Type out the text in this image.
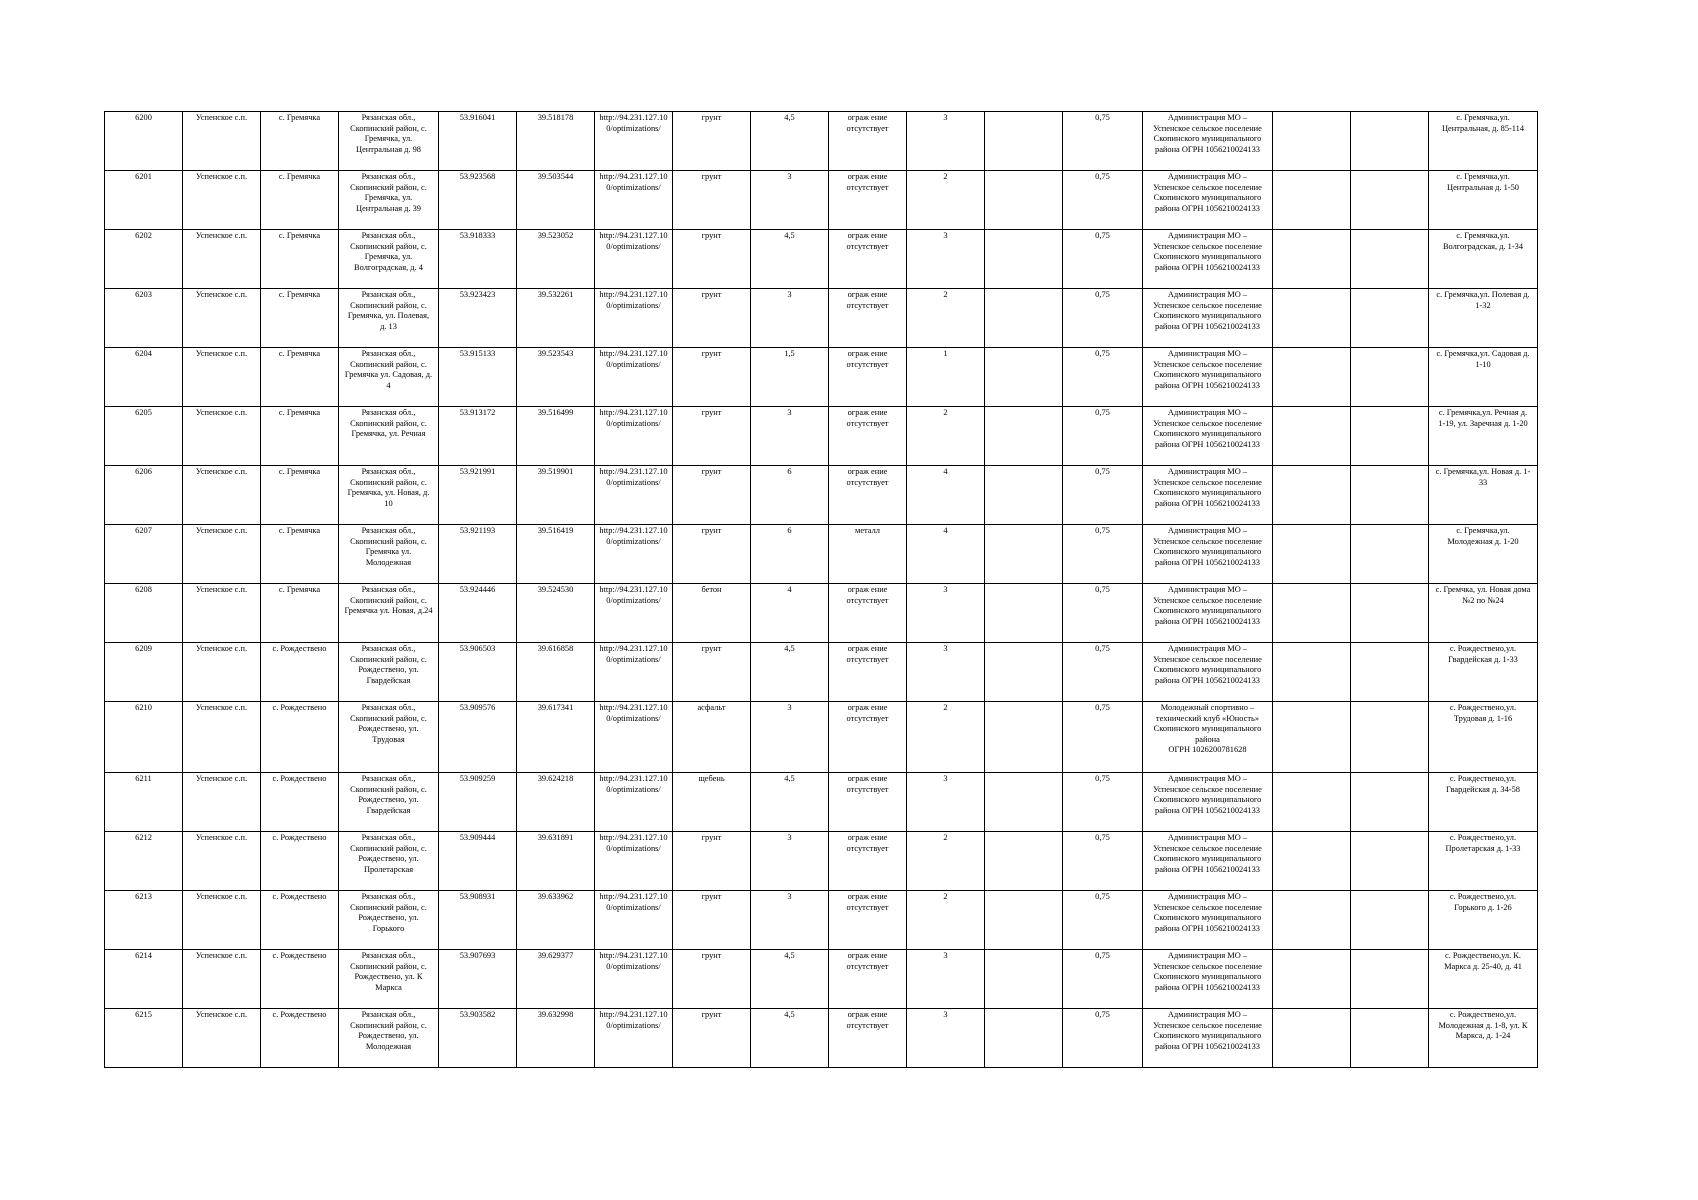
6200	Успенское с.п.	с. Гремячка	Рязанская обл.,
Скопинский район, с.
Гремячка, ул.
Центральная д. 98	53.916041	39.518178	http://94.231.127.10
0/optimizations/	грунт	4,5	ограж ение
отсутствует	3		0,75	Администрация МО –
Успенское сельское поселение
Скопинского муниципального
района ОГРН 1056210024133			с. Гремячка,ул.
Центральная, д. 85-114
6201	Успенское с.п.	с. Гремячка	Рязанская обл.,
Скопинский район, с.
Гремячка, ул.
Центральная д. 39	53.923568	39.503544	http://94.231.127.10
0/optimizations/	грунт	3	ограж ение
отсутствует	2		0,75	Администрация МО –
Успенское сельское поселение
Скопинского муниципального
района ОГРН 1056210024133			с. Гремячка,ул.
Центральная д. 1-50
6202	Успенское с.п.	с. Гремячка	Рязанская обл.,
Скопинский район, с.
Гремячка, ул.
Волгоградская, д. 4	53.918333	39.523052	http://94.231.127.10
0/optimizations/	грунт	4,5	ограж ение
отсутствует	3		0,75	Администрация МО –
Успенское сельское поселение
Скопинского муниципального
района ОГРН 1056210024133			с. Гремячка,ул.
Волгоградская, д. 1-34
6203	Успенское с.п.	с. Гремячка	Рязанская обл.,
Скопинский район, с.
Гремячка, ул. Полевая,
д. 13	53.923423	39.532261	http://94.231.127.10
0/optimizations/	грунт	3	ограж ение
отсутствует	2		0,75	Администрация МО –
Успенское сельское поселение
Скопинского муниципального
района ОГРН 1056210024133			с. Гремячка,ул. Полевая д.
1-32
6204	Успенское с.п.	с. Гремячка	Рязанская обл.,
Скопинский район, с.
Гремячка ул. Садовая, д.
4	53.915133	39.523543	http://94.231.127.10
0/optimizations/	грунт	1,5	ограж ение
отсутствует	1		0,75	Администрация МО –
Успенское сельское поселение
Скопинского муниципального
района ОГРН 1056210024133			с. Гремячка,ул. Садовая д.
1-10
6205	Успенское с.п.	с. Гремячка	Рязанская обл.,
Скопинский район, с.
Гремячка, ул. Речная	53.913172	39.516499	http://94.231.127.10
0/optimizations/	грунт	3	ограж ение
отсутствует	2		0,75	Администрация МО –
Успенское сельское поселение
Скопинского муниципального
района ОГРН 1056210024133			с. Гремячка,ул. Речная д.
1-19, ул. Заречная д. 1-20
6206	Успенское с.п.	с. Гремячка	Рязанская обл.,
Скопинский район, с.
Гремячка, ул. Новая, д.
10	53.921991	39.519901	http://94.231.127.10
0/optimizations/	грунт	6	ограж ение
отсутствует	4		0,75	Администрация МО –
Успенское сельское поселение
Скопинского муниципального
района ОГРН 1056210024133			с. Гремячка,ул. Новая д. 1-
33
6207	Успенское с.п.	с. Гремячка	Рязанская обл.,
Скопинский район, с.
Гремячка ул.
Молодежная	53.921193	39.516419	http://94.231.127.10
0/optimizations/	грунт	6	металл	4		0,75	Администрация МО –
Успенское сельское поселение
Скопинского муниципального
района ОГРН 1056210024133			с. Гремячка,ул.
Молодежная д. 1-20
6208	Успенское с.п.	с. Гремячка	Рязанская обл.,
Скопинский район, с.
Гремячка ул. Новая, д.24	53.924446	39.524530	http://94.231.127.10
0/optimizations/	бетон	4	ограж ение
отсутствует	3		0,75	Администрация МО –
Успенское сельское поселение
Скопинского муниципального
района ОГРН 1056210024133			с. Гремчка, ул. Новая дома
№2 по №24
6209	Успенское с.п.	с. Рождествено	Рязанская обл.,
Скопинский район, с.
Рождествено, ул.
Гвардейская	53.906503	39.616858	http://94.231.127.10
0/optimizations/	грунт	4,5	ограж ение
отсутствует	3		0,75	Администрация МО –
Успенское сельское поселение
Скопинского муниципального
района ОГРН 1056210024133			с. Рождествено,ул.
Гвардейская д. 1-33
6210	Успенское с.п.	с. Рождествено	Рязанская обл.,
Скопинский район, с.
Рождествено, ул.
Трудовая	53.909576	39.617341	http://94.231.127.10
0/optimizations/	асфальт	3	ограж ение
отсутствует	2		0,75	Молодежный спортивно –
технический клуб «Юность»
Скопинского муниципального
района
ОГРН 1026200781628			с. Рождествено,ул.
Трудовая д. 1-16
6211	Успенское с.п.	с. Рождествено	Рязанская обл.,
Скопинский район, с.
Рождествено, ул.
Гвардейская	53.909259	39.624218	http://94.231.127.10
0/optimizations/	щебень	4,5	ограж ение
отсутствует	3		0,75	Администрация МО –
Успенское сельское поселение
Скопинского муниципального
района ОГРН 1056210024133			с. Рождествено,ул.
Гвардейская д. 34-58
6212	Успенское с.п.	с. Рождествено	Рязанская обл.,
Скопинский район, с.
Рождествено, ул.
Пролетарская	53.909444	39.631891	http://94.231.127.10
0/optimizations/	грунт	3	ограж ение
отсутствует	2		0,75	Администрация МО –
Успенское сельское поселение
Скопинского муниципального
района ОГРН 1056210024133			с. Рождествено,ул.
Пролетарская д. 1-33
6213	Успенское с.п.	с. Рождествено	Рязанская обл.,
Скопинский район, с.
Рождествено, ул.
Горького	53.908931	39.633962	http://94.231.127.10
0/optimizations/	грунт	3	ограж ение
отсутствует	2		0,75	Администрация МО –
Успенское сельское поселение
Скопинского муниципального
района ОГРН 1056210024133			с. Рождествено,ул.
Горького д. 1-26
6214	Успенское с.п.	с. Рождествено	Рязанская обл.,
Скопинский район, с.
Рождествено, ул. К
Маркса	53.907693	39.629377	http://94.231.127.10
0/optimizations/	грунт	4,5	ограж ение
отсутствует	3		0,75	Администрация МО –
Успенское сельское поселение
Скопинского муниципального
района ОГРН 1056210024133			с. Рождествено,ул. К.
Маркса д. 25-40, д. 41
6215	Успенское с.п.	с. Рождествено	Рязанская обл.,
Скопинский район, с.
Рождествено, ул.
Молодежная	53.903582	39.632998	http://94.231.127.10
0/optimizations/	грунт	4,5	ограж ение
отсутствует	3		0,75	Администрация МО –
Успенское сельское поселение
Скопинского муниципального
района ОГРН 1056210024133			с. Рождествено,ул.
Молодежная д. 1-8, ул. К
Маркса, д. 1-24
